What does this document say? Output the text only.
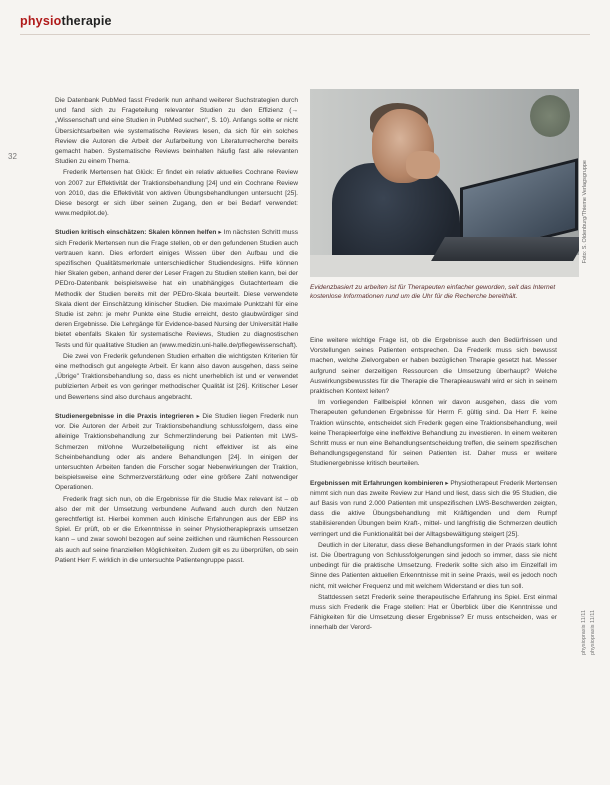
physiotherapie
32

Die Datenbank PubMed fasst Frederik nun anhand weiterer Suchstrategien durch und fand sich zu Frageteilung relevanter Studien zu den Effizienz (→ „Wissenschaft und eine Studien in PubMed suchen", S. 10). Anfangs sollte er nicht Übersichtsarbeiten wie systematische Reviews lesen, da sich für ein solches Review die Autoren die Arbeit der Aufarbeitung von Literaturrecherche bereits gemacht haben. Systematische Reviews beinhalten häufig fast alle relevanten Studien zu einem Thema.

Frederik Mertensen hat Glück: Er findet ein relativ aktuelles Cochrane Review von 2007 zur Effektivität der Traktionsbehandlung [24] und ein Cochrane Review von 2010, das die Effektivität von aktiven Übungsbehandlungen untersucht [25]. Diese besorgt er sich über seinen Zugang, den er bei Bedarf verwendet: www.medpilot.de).

Studien kritisch einschätzen: Skalen können helfen ▸ Im nächsten Schritt muss sich Frederik Mertensen nun die Frage stellen, ob er den gefundenen Studien auch vertrauen kann. Dies erfordert einiges Wissen über den Aufbau und die spezifischen Qualitätsmerkmale unterschiedlicher Studiendesigns. Hilfe können hier Skalen geben, anhand derer der Leser Fragen zu Studien stellen kann, bei der PEDro-Datenbank beispielsweise hat ein unabhängiges Gutachterteam die Methodik der Studien bereits mit der PEDro-Skala beurteilt. Diese verwendete Skala dient der Einschätzung klinischer Studien. Die maximale Punktzahl für eine Studie ist zehn: je mehr Punkte eine Studie erreicht, desto glaubwürdiger sind deren Ergebnisse. Die Lehrgänge für Evidence-based Nursing der Universität Halle bietet ebenfalls Skalen für systematische Reviews, Studien zu diagnostischen Tests und für qualitative Studien an (www.medizin.uni-halle.de/pflegewissenschaft).

Die zwei von Frederik gefundenen Studien erhalten die wichtigsten Kriterien für eine methodisch gut angelegte Arbeit. Er kann also davon ausgehen, dass seine „Übrige" Traktionsbehandlung so, dass es nicht unerheblich ist und er verwendet publizierten Arbeit es von geringer methodischer Qualität ist [26]. Kritischer Leser und Bewertens sind also durchaus angebracht.

Studienergebnisse in die Praxis integrieren ▸ Die Studien liegen Frederik nun vor. Die Autoren der Arbeit zur Traktionsbehandlung schlussfolgern, dass eine alleinige Traktionsbehandlung zur Schmerzlinderung bei Patienten mit LWS-Schmerzen mit/ohne Wurzelbeteiligung nicht effektiver ist als eine Scheinbehandlung oder als andere Behandlungen [24]. In einigen der untersuchten Arbeiten fanden die Forscher sogar Nebenwirkungen der Traktion, beispielsweise eine Schmerzverstärkung oder eine größere Zahl notwendiger Operationen.

Frederik fragt sich nun, ob die Ergebnisse für die Studie Max relevant ist – ob also der mit der Umsetzung verbundene Aufwand auch durch den Nutzen gerechtfertigt ist. Hierbei kommen auch klinische Erfahrungen aus der EBP ins Spiel. Er prüft, ob er die Erkenntnisse in seiner Physiotherapiepraxis umsetzen kann – und zwar sowohl bezogen auf seine zeitlichen und räumlichen Ressourcen als auch auf seine finanziellen Möglichkeiten. Zudem gilt es zu überprüfen, ob sein Patient Herr F. wirklich in die untersuchte Patientengruppe passt.

Foto: S. Oldenburg/Thieme Verlagsgruppe
Evidenzbasiert zu arbeiten ist für Therapeuten einfacher geworden, seit das Internet kostenlose Informationen rund um die Uhr für die Recherche bereithält.

Eine weitere wichtige Frage ist, ob die Ergebnisse auch den Bedürfnissen und Vorstellungen seines Patienten entsprechen. Da Frederik muss sich bewusst machen, welche Zielvorgaben er haben bezüglichen Therapie gesetzt hat. Messer aufgrund seiner derzeitigen Ressourcen die Umsetzung überhaupt? Welche Auswirkungsbewusstes für die Therapie die Therapieauswahl wird er sich in seinem praktischen Kontext leiten?

Im vorliegenden Fallbeispiel können wir davon ausgehen, dass die vom Therapeuten gefundenen Ergebnisse für Herrn F. gültig sind. Da Herr F. keine Traktion wünschte, entscheidet sich Frederik gegen eine Traktionsbehandlung, weil keine Therapieerfolge eine ineffektive Behandlung zu investieren. In einem weiteren Schritt muss er nun eine Behandlungsentscheidung treffen, die seinem spezifischen Behandlungsgegenstand für seinen Patienten ist. Daher muss er weitere Studienergebnisse kritisch beurteilen.

Ergebnissen mit Erfahrungen kombinieren ▸ Physiotherapeut Frederik Mertensen nimmt sich nun das zweite Review zur Hand und liest, dass sich die 95 Studien, die auf Basis von rund 2.000 Patienten mit unspezifischen LWS-Beschwerden zeigten, dass die aktive Übungsbehandlung mit Kräftigenden und dem Rumpf stabilisierenden Übungen beim Kraft-, mittel- und langfristig die Schmerzen deutlich verringert und die Funktionalität bei der Alltagsbewältigung steigert [25].

Deutlich in der Literatur, dass diese Behandlungsformen in der Praxis stark lohnt ist. Die Übertragung von Schlussfolgerungen sind jedoch so immer, dass sie nicht unbedingt für die praktische Umsetzung. Frederik sollte sich also im Einzelfall im Sinne des Patienten aktuellen Erkenntnisse mit in seine Praxis, weil es jedoch noch nicht, mit welcher Frequenz und mit welchem Widerstand er dies tun soll.

Stattdessen setzt Frederik seine therapeutische Erfahrung ins Spiel. Erst einmal muss sich Frederik die Frage stellen: Hat er Überblick über die Kenntnisse und Fähigkeiten für die Umsetzung dieser Ergebnisse? Er muss entscheiden, was er innerhalb der Verord-	physiopraxis 11/11 physiopraxis 11/11
